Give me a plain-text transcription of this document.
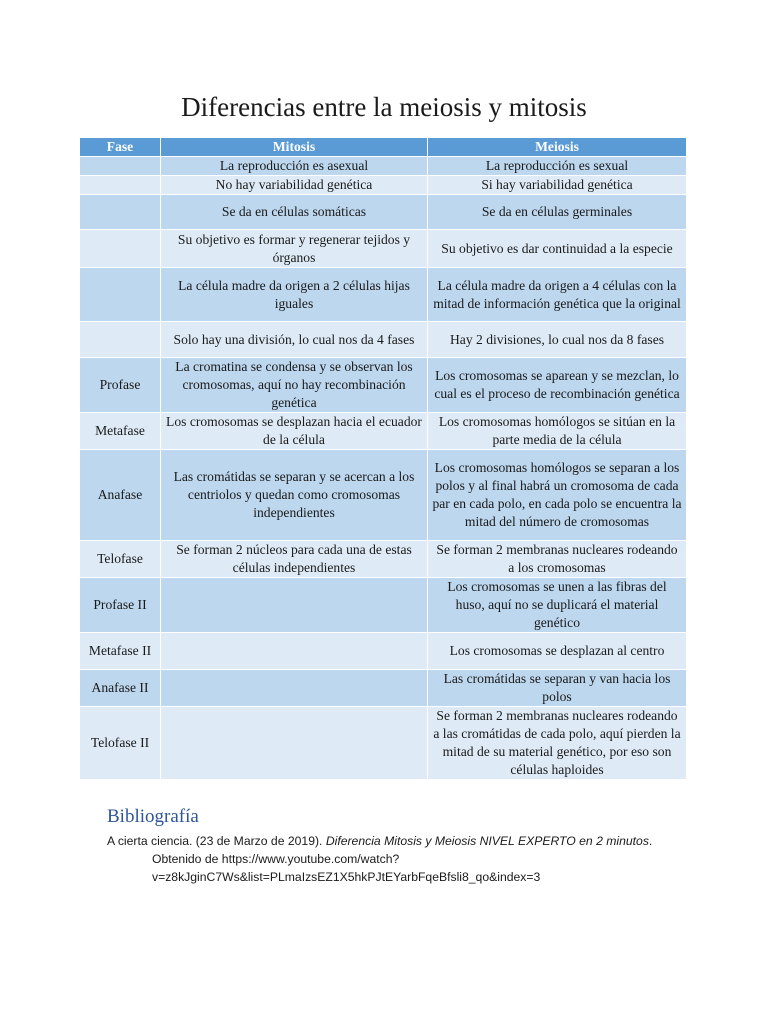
Diferencias entre la meiosis y mitosis
Fase	Mitosis	Meiosis
	La reproducción es asexual	La reproducción es sexual
	No hay variabilidad genética	Si hay variabilidad genética
	Se da en células somáticas	Se da en células germinales
	Su objetivo es formar y regenerar tejidos y órganos	Su objetivo es dar continuidad a la especie
	La célula madre da origen a 2 células hijas iguales	La célula madre da origen a 4 células con la mitad de información genética que la original
	Solo hay una división, lo cual nos da 4 fases	Hay 2 divisiones, lo cual nos da 8 fases
Profase	La cromatina se condensa y se observan los cromosomas, aquí no hay recombinación genética	Los cromosomas se aparean y se mezclan, lo cual es el proceso de recombinación genética
Metafase	Los cromosomas se desplazan hacia el ecuador de la célula	Los cromosomas homólogos se sitúan en la parte media de la célula
Anafase	Las cromátidas se separan y se acercan a los centriolos y quedan como cromosomas independientes	Los cromosomas homólogos se separan a los polos y al final habrá un cromosoma de cada par en cada polo, en cada polo se encuentra la mitad del número de cromosomas
Telofase	Se forman 2 núcleos para cada una de estas células independientes	Se forman 2 membranas nucleares rodeando a los cromosomas
Profase II		Los cromosomas se unen a las fibras del huso, aquí no se duplicará el material genético
Metafase II		Los cromosomas se desplazan al centro
Anafase II		Las cromátidas se separan y van hacia los polos
Telofase II		Se forman 2 membranas nucleares rodeando a las cromátidas de cada polo, aquí pierden la mitad de su material genético, por eso son células haploides
Bibliografía
A cierta ciencia. (23 de Marzo de 2019). Diferencia Mitosis y Meiosis NIVEL EXPERTO en 2 minutos.
Obtenido de https://www.youtube.com/watch?
v=z8kJginC7Ws&list=PLmaIzsEZ1X5hkPJtEYarbFqeBfsli8_qo&index=3
